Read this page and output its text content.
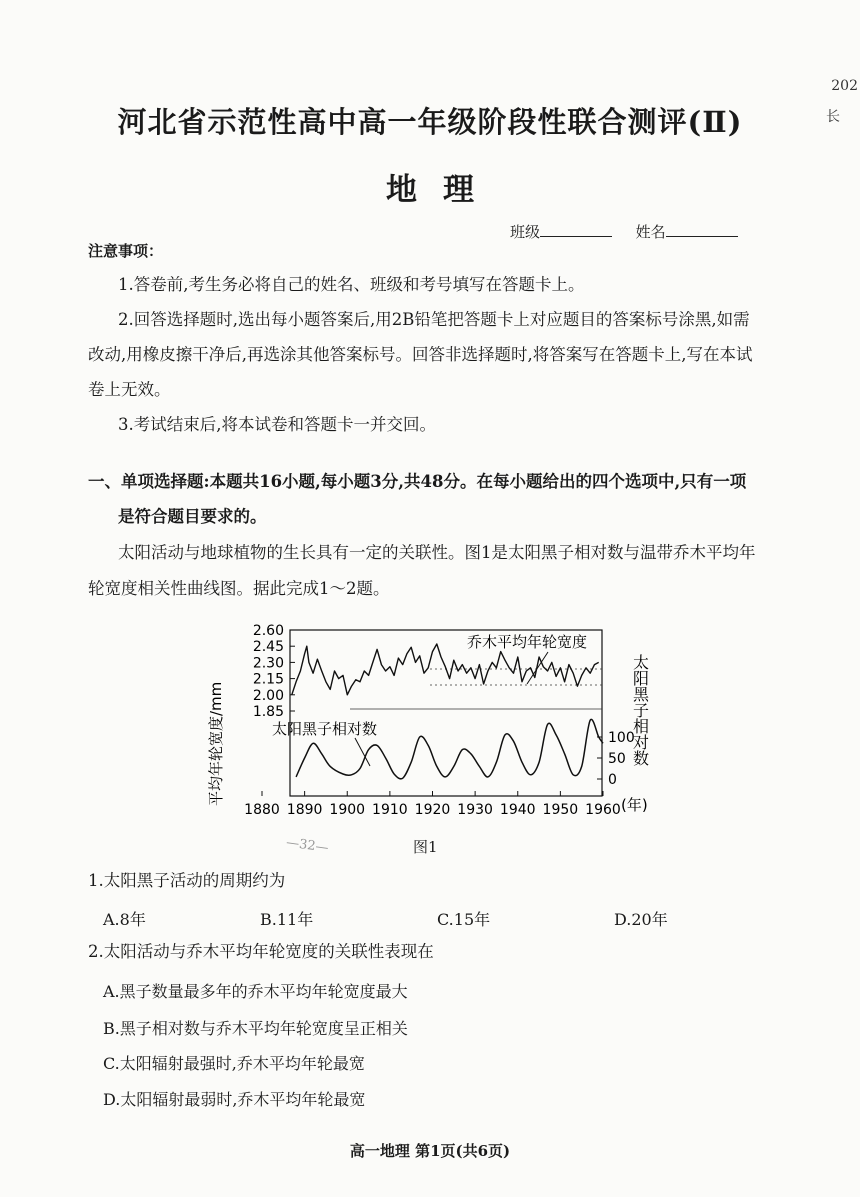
202
长
河北省示范性高中高一年级阶段性联合测评(Ⅱ)
地理
班级	姓名
注意事项：
1.答卷前,考生务必将自己的姓名、班级和考号填写在答题卡上。
2.回答选择题时,选出每小题答案后,用2B铅笔把答题卡上对应题目的答案标号涂黑,如需
改动,用橡皮擦干净后,再选涂其他答案标号。回答非选择题时,将答案写在答题卡上,写在本试
卷上无效。
3.考试结束后,将本试卷和答题卡一并交回。
一、单项选择题:本题共16小题,每小题3分,共48分。在每小题给出的四个选项中,只有一项
是符合题目要求的。
太阳活动与地球植物的生长具有一定的关联性。图1是太阳黑子相对数与温带乔木平均年
轮宽度相关性曲线图。据此完成1～2题。
1880 1890 1900 1910 1920 1930 1940 1950 1960
1.85
2.00
2.15
2.30
2.45
2.60
0
50
100
平均年轮宽度/mm	太阳黑子相对数
(年)
乔木平均年轮宽度
太阳黑子相对数
—32—	图1
1.太阳黑子活动的周期约为
A.8年	B.11年	C.15年	D.20年
2.太阳活动与乔木平均年轮宽度的关联性表现在
A.黑子数量最多年的乔木平均年轮宽度最大
B.黑子相对数与乔木平均年轮宽度呈正相关
C.太阳辐射最强时,乔木平均年轮最宽
D.太阳辐射最弱时,乔木平均年轮最宽
高一地理 第1页(共6页)
